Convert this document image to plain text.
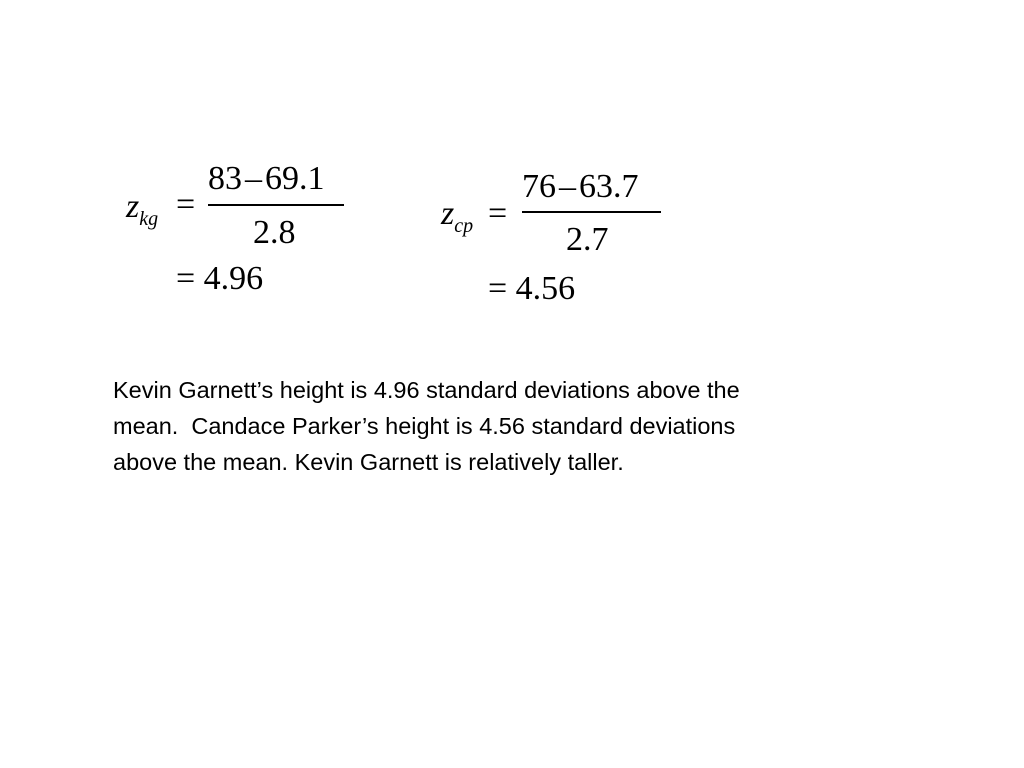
$z_{kg}$ =
83–69.1
2.8
= 4.96
$z_{cp}$ =
76–63.7
2.7
= 4.56
Kevin Garnett’s height is 4.96 standard deviations above the
mean.  Candace Parker’s height is 4.56 standard deviations
above the mean. Kevin Garnett is relatively taller.
